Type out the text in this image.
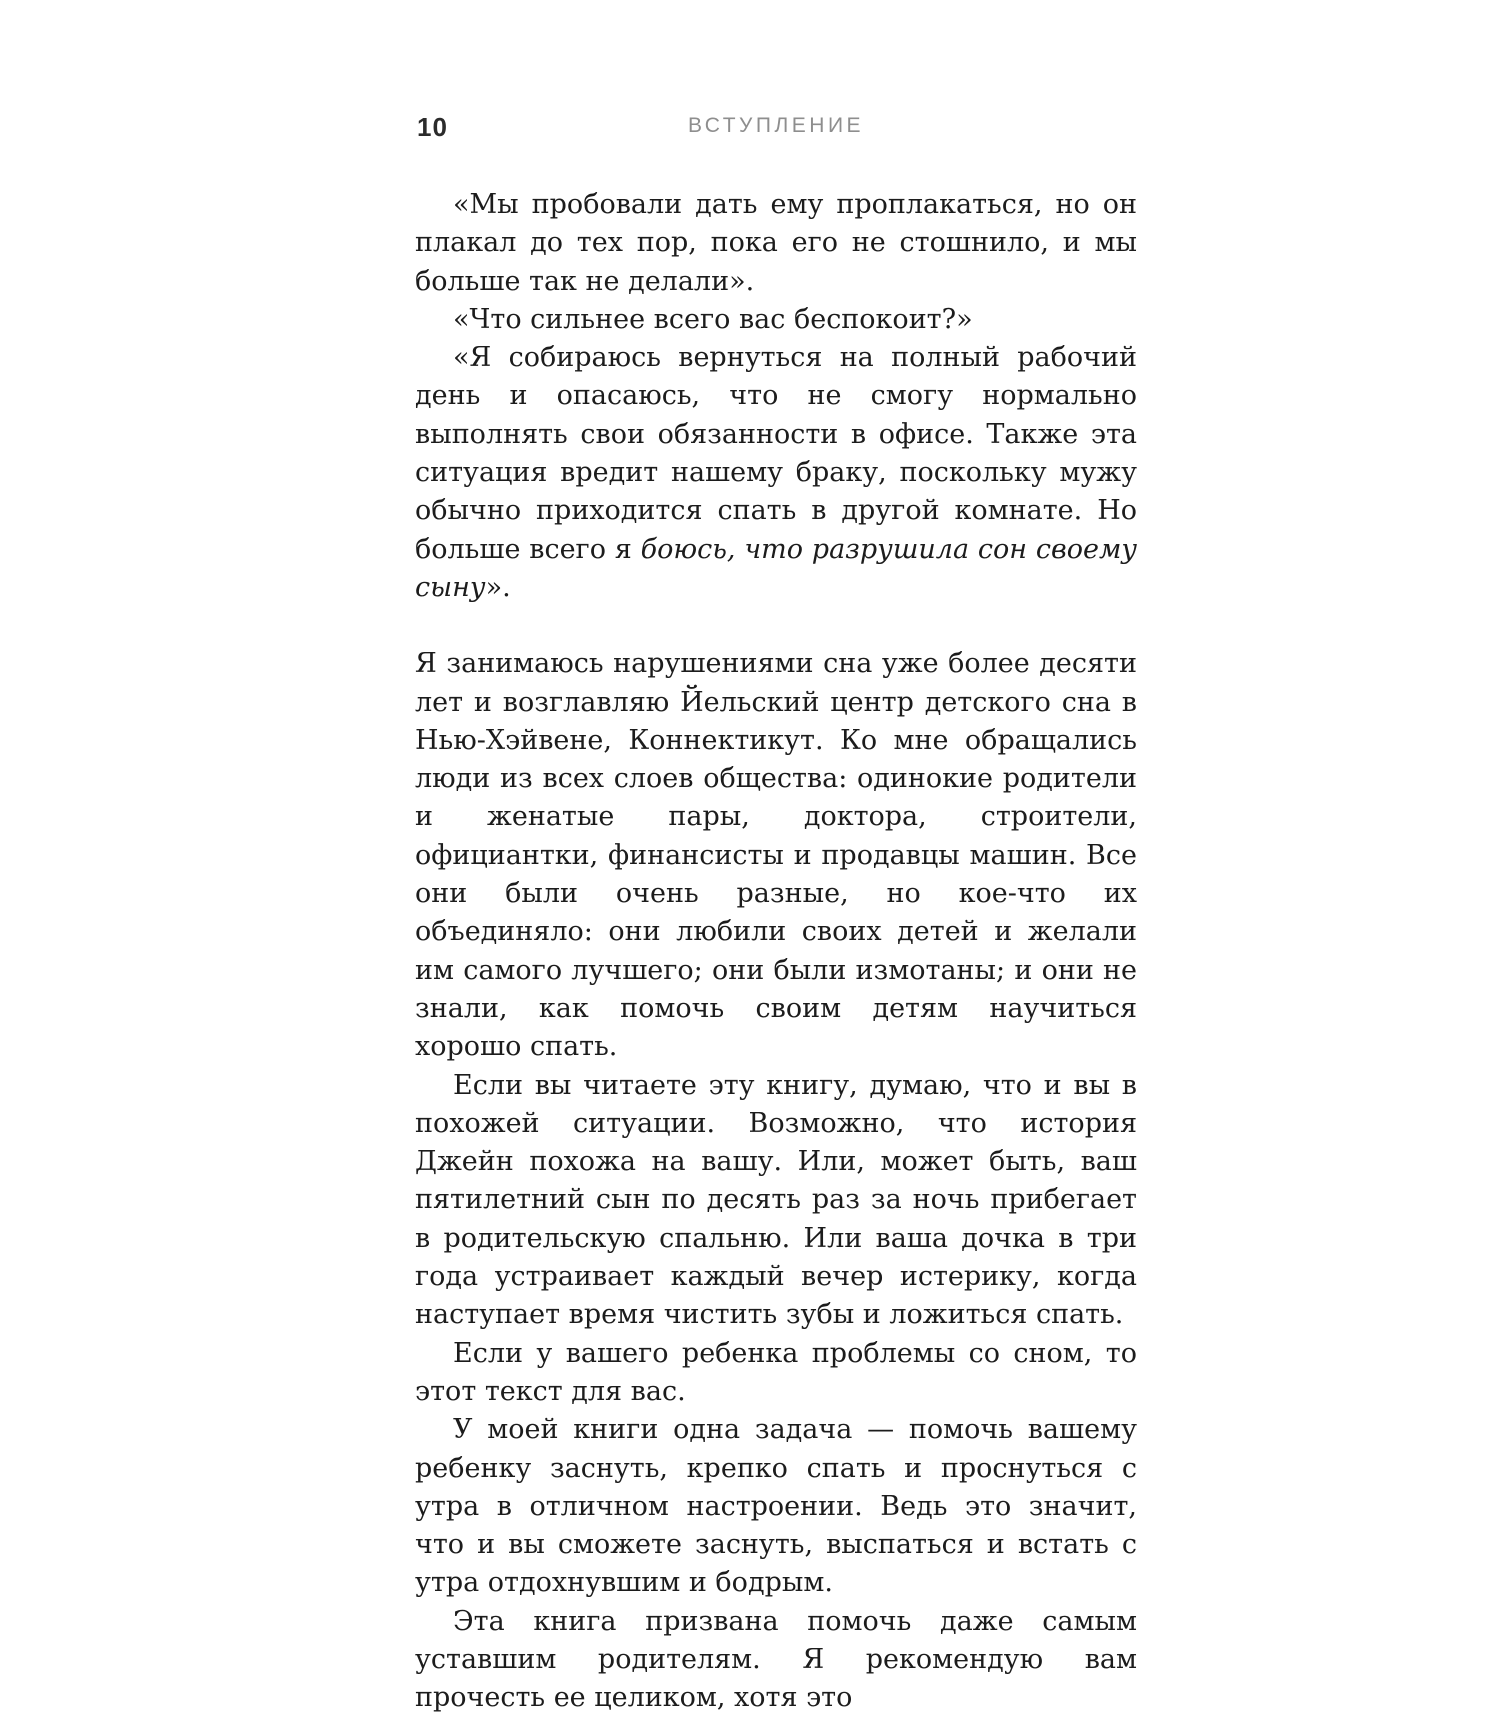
10	ВСТУПЛЕНИЕ

«Мы пробовали дать ему проплакаться, но он плакал до тех пор, пока его не стошнило, и мы больше так не делали».

«Что сильнее всего вас беспокоит?»

«Я собираюсь вернуться на полный рабочий день и опасаюсь, что не смогу нормально выполнять свои обязанности в офисе. Также эта ситуация вредит нашему браку, поскольку мужу обычно приходится спать в другой комнате. Но больше всего я боюсь, что разрушила сон своему сыну».

Я занимаюсь нарушениями сна уже более десяти лет и возглавляю Йельский центр детского сна в Нью-Хэйвене, Коннектикут. Ко мне обращались люди из всех слоев общества: одинокие родители и женатые пары, доктора, строители, официантки, финансисты и продавцы машин. Все они были очень разные, но кое-что их объединяло: они любили своих детей и желали им самого лучшего; они были измотаны; и они не знали, как помочь своим детям научиться хорошо спать.

Если вы читаете эту книгу, думаю, что и вы в похожей ситуации. Возможно, что история Джейн похожа на вашу. Или, может быть, ваш пятилетний сын по десять раз за ночь прибегает в родительскую спальню. Или ваша дочка в три года устраивает каждый вечер истерику, когда наступает время чистить зубы и ложиться спать.

Если у вашего ребенка проблемы со сном, то этот текст для вас.

У моей книги одна задача — помочь вашему ребенку заснуть, крепко спать и проснуться с утра в отличном настроении. Ведь это значит, что и вы сможете заснуть, выспаться и встать с утра отдохнувшим и бодрым.

Эта книга призвана помочь даже самым уставшим родителям. Я рекомендую вам прочесть ее целиком, хотя это
